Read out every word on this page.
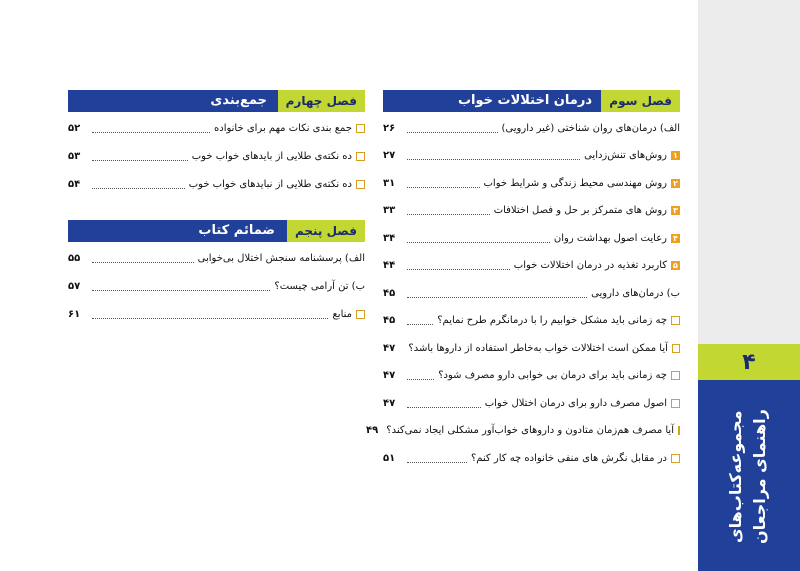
۴
مجموعه‌کتاب‌های راهنمای مراجعان
فصل سوم
درمان اختلالات خواب
الف) درمان‌های روان شناختی (غیر دارویی)
۲۶
۱
روش‌های تنش‌زدایی
۲۷
۲
روش مهندسی محیط زندگی و شرایط خواب
۳۱
۳
روش های متمرکز بر حل و فصل اختلافات
۳۳
۴
رعایت اصول بهداشت روان
۳۴
۵
کاربرد تغذیه در درمان اختلالات خواب
۴۴
ب) درمان‌های دارویی
۴۵
چه زمانی باید مشکل خوابیم را با درمانگرم طرح نمایم؟
۴۵
آیا ممکن است اختلالات خواب به‌خاطر استفاده از داروها باشد؟
۴۷
چه زمانی باید برای درمان بی خوابی دارو مصرف شود؟
۴۷
اصول مصرف دارو برای درمان اختلال خواب
۴۷
آیا مصرف هم‌زمان متادون و داروهای خواب‌آور مشکلی ایجاد نمی‌کند؟
۴۹
در مقابل نگرش های منفی خانواده چه کار کنم؟
۵۱
فصل چهارم
جمع‌بندی
جمع بندی نکات مهم برای خانواده
۵۲
ده نکته‌ی طلایی از بایدهای خواب خوب
۵۳
ده نکته‌ی طلایی از نبایدهای خواب خوب
۵۴
فصل پنجم
ضمائم کتاب
الف) پرسشنامه سنجش اختلال بی‌خوابی
۵۵
ب) تن آرامی چیست؟
۵۷
منابع
۶۱
